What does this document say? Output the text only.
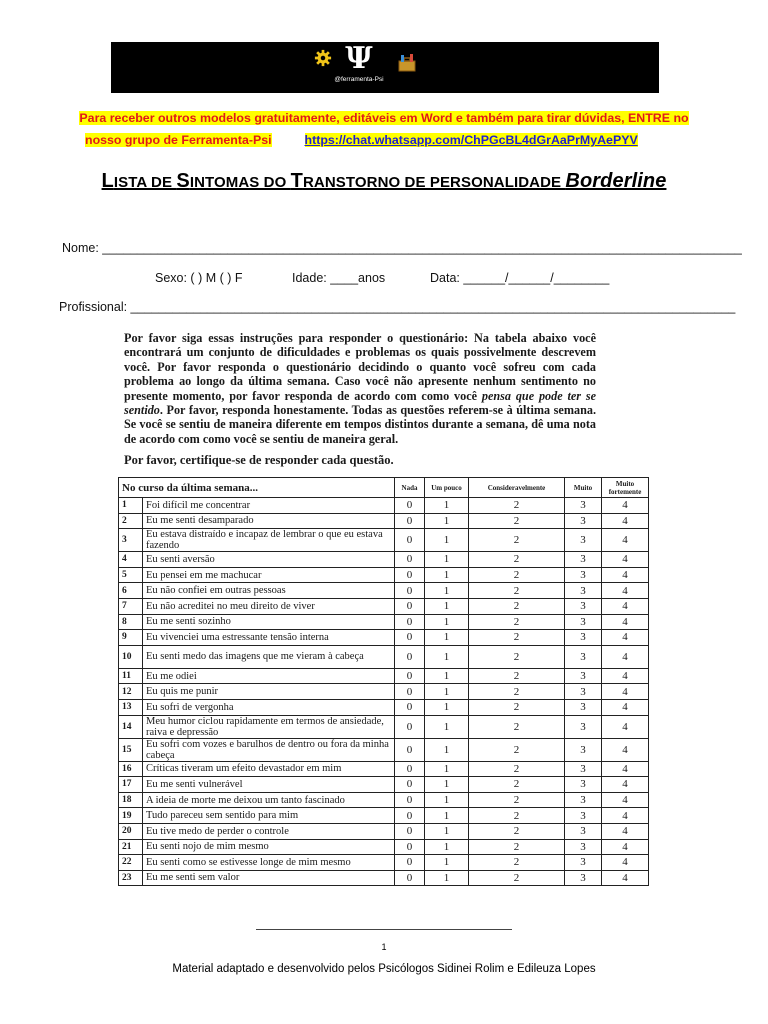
Ψ
@ferramenta-Psi
Para receber outros modelos gratuitamente, editáveis em Word e também para tirar dúvidas, ENTRE no
nosso grupo de Ferramenta-Psi	https://chat.whatsapp.com/ChPGcBL4dGrAaPrMyAePYV
LISTA DE SINTOMAS DO TRANSTORNO DE PERSONALIDADE Borderline
Nome: ____________________________________________________________________________________________
Sexo: ( ) M ( ) F	Idade: ____anos	Data: ______/______/________
Profissional: _______________________________________________________________________________________
Por favor siga essas instruções para responder o questionário: Na tabela abaixo você encontrará um conjunto de dificuldades e problemas os quais possivelmente descrevem você. Por favor responda o questionário decidindo o quanto você sofreu com cada problema ao longo da última semana. Caso você não apresente nenhum sentimento no presente momento, por favor responda de acordo com como você pensa que pode ter se sentido. Por favor, responda honestamente. Todas as questões referem-se à última semana. Se você se sentiu de maneira diferente em tempos distintos durante a semana, dê uma nota de acordo com como você se sentiu de maneira geral.
Por favor, certifique-se de responder cada questão.
No curso da última semana...		Nada	Um pouco	Consideravelmente	Muito	Muito fortemente
1	Foi difícil me concentrar	0	1	2	3	4
2	Eu me senti desamparado	0	1	2	3	4
3	Eu estava distraído e incapaz de lembrar o que eu estava fazendo	0	1	2	3	4
4	Eu senti aversão	0	1	2	3	4
5	Eu pensei em me machucar	0	1	2	3	4
6	Eu não confiei em outras pessoas	0	1	2	3	4
7	Eu não acreditei no meu direito de viver	0	1	2	3	4
8	Eu me senti sozinho	0	1	2	3	4
9	Eu vivenciei uma estressante tensão interna	0	1	2	3	4
10	Eu senti medo das imagens que me vieram à cabeça	0	1	2	3	4
11	Eu me odiei	0	1	2	3	4
12	Eu quis me punir	0	1	2	3	4
13	Eu sofri de vergonha	0	1	2	3	4
14	Meu humor ciclou rapidamente em termos de ansiedade, raiva e depressão	0	1	2	3	4
15	Eu sofri com vozes e barulhos de dentro ou fora da minha cabeça	0	1	2	3	4
16	Críticas tiveram um efeito devastador em mim	0	1	2	3	4
17	Eu me senti vulnerável	0	1	2	3	4
18	A ideia de morte me deixou um tanto fascinado	0	1	2	3	4
19	Tudo pareceu sem sentido para mim	0	1	2	3	4
20	Eu tive medo de perder o controle	0	1	2	3	4
21	Eu senti nojo de mim mesmo	0	1	2	3	4
22	Eu senti como se estivesse longe de mim mesmo	0	1	2	3	4
23	Eu me senti sem valor	0	1	2	3	4
1
Material adaptado e desenvolvido pelos Psicólogos Sidinei Rolim e Edileuza Lopes
